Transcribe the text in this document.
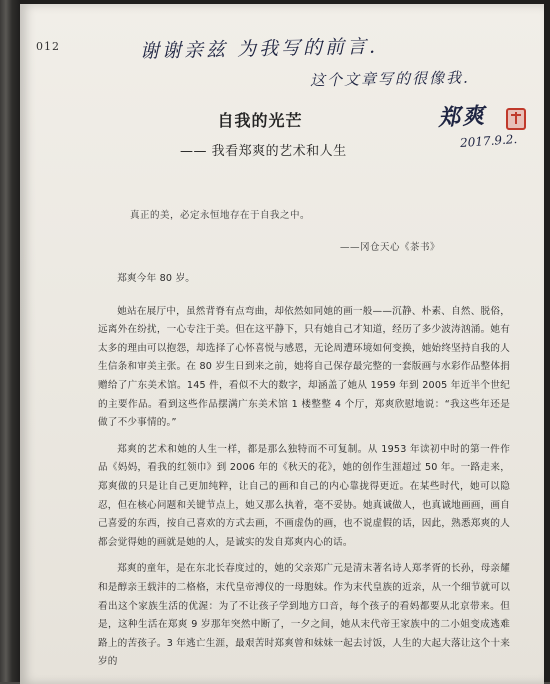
012	谢谢亲兹 为我写的前言.
这个文章写的很像我.
郑爽
2017.9.2.
自我的光芒
—— 我看郑爽的艺术和人生
真正的美，必定永恒地存在于自我之中。
——冈仓天心《茶书》

郑爽今年 80 岁。

她站在展厅中，虽然背脊有点弯曲，却依然如同她的画一般——沉静、朴素、自然、脱俗，远离外在纷扰，一心专注于美。但在这平静下，只有她自己才知道，经历了多少波涛汹涌。她有太多的理由可以抱怨，却选择了心怀喜悦与感恩，无论周遭环境如何变换，她始终坚持自我的人生信条和审美主张。在 80 岁生日到来之前，她将自己保存最完整的一套版画与水彩作品整体捐赠给了广东美术馆。145 件，看似不大的数字，却涵盖了她从 1959 年到 2005 年近半个世纪的主要作品。看到这些作品摆满广东美术馆 1 楼整整 4 个厅，郑爽欣慰地说：“我这些年还是做了不少事情的。”

郑爽的艺术和她的人生一样，都是那么独特而不可复制。从 1953 年读初中时的第一件作品《妈妈，看我的红领巾》到 2006 年的《秋天的花》，她的创作生涯超过 50 年。一路走来，郑爽做的只是让自己更加纯粹，让自己的画和自己的内心靠拢得更近。在某些时代，她可以隐忍，但在核心问题和关键节点上，她又那么执着，毫不妥协。她真诚做人，也真诚地画画，画自己喜爱的东西，按自己喜欢的方式去画，不画虚伪的画，也不说虚假的话，因此，熟悉郑爽的人都会觉得她的画就是她的人，是诚实的发自郑爽内心的话。

郑爽的童年，是在东北长春度过的，她的父亲郑广元是清末著名诗人郑孝胥的长孙，母亲耀和是醇亲王载沣的二格格，末代皇帝溥仪的一母胞妹。作为末代皇族的近亲，从一个细节就可以看出这个家族生活的优渥：为了不让孩子学到地方口音，每个孩子的看妈都要从北京带来。但是，这种生活在郑爽 9 岁那年突然中断了，一夕之间，她从末代帝王家族中的二小姐变成逃难路上的苦孩子。3 年逃亡生涯，最艰苦时郑爽曾和妹妹一起去讨饭，人生的大起大落让这个十来岁的
